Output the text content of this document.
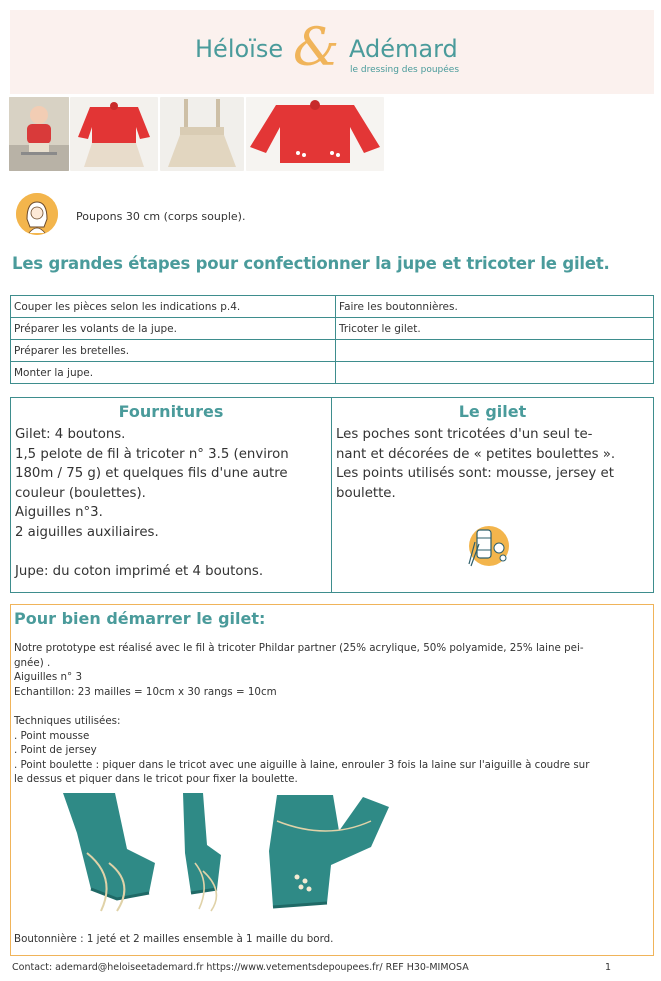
Héloïse & Adémard
le dressing des poupées
Poupons 30 cm (corps souple).
Les grandes étapes pour confectionner la jupe et tricoter le gilet.
Couper les pièces selon les indications p.4.	Faire les boutonnières.
Préparer les volants de la jupe.	Tricoter le gilet.
Préparer les bretelles.	
Monter la jupe.	
Fournitures
Gilet: 4 boutons.
1,5 pelote de fil à tricoter n° 3.5 (environ
180m / 75 g) et quelques fils d'une autre
couleur (boulettes).
Aiguilles n°3.
2 aiguilles auxiliaires.
Jupe: du coton imprimé et 4 boutons.
Le gilet
Les poches sont tricotées d'un seul te-
nant et décorées de « petites boulettes ».
Les points utilisés sont: mousse, jersey et
boulette.
Pour bien démarrer le gilet:
Notre prototype est réalisé avec le fil à tricoter Phildar partner (25% acrylique, 50% polyamide, 25% laine pei-
gnée) .
Aiguilles n° 3
Echantillon: 23 mailles = 10cm x 30 rangs = 10cm
Techniques utilisées:
. Point mousse
. Point de jersey
. Point boulette : piquer dans le tricot avec une aiguille à laine, enrouler 3 fois la laine sur l'aiguille à coudre sur
le dessus et piquer dans le tricot pour fixer la boulette.
Boutonnière : 1 jeté et 2 mailles ensemble à 1 maille du bord.
Contact: ademard@heloiseetademard.fr https://www.vetementsdepoupees.fr/ REF H30-MIMOSA	1
